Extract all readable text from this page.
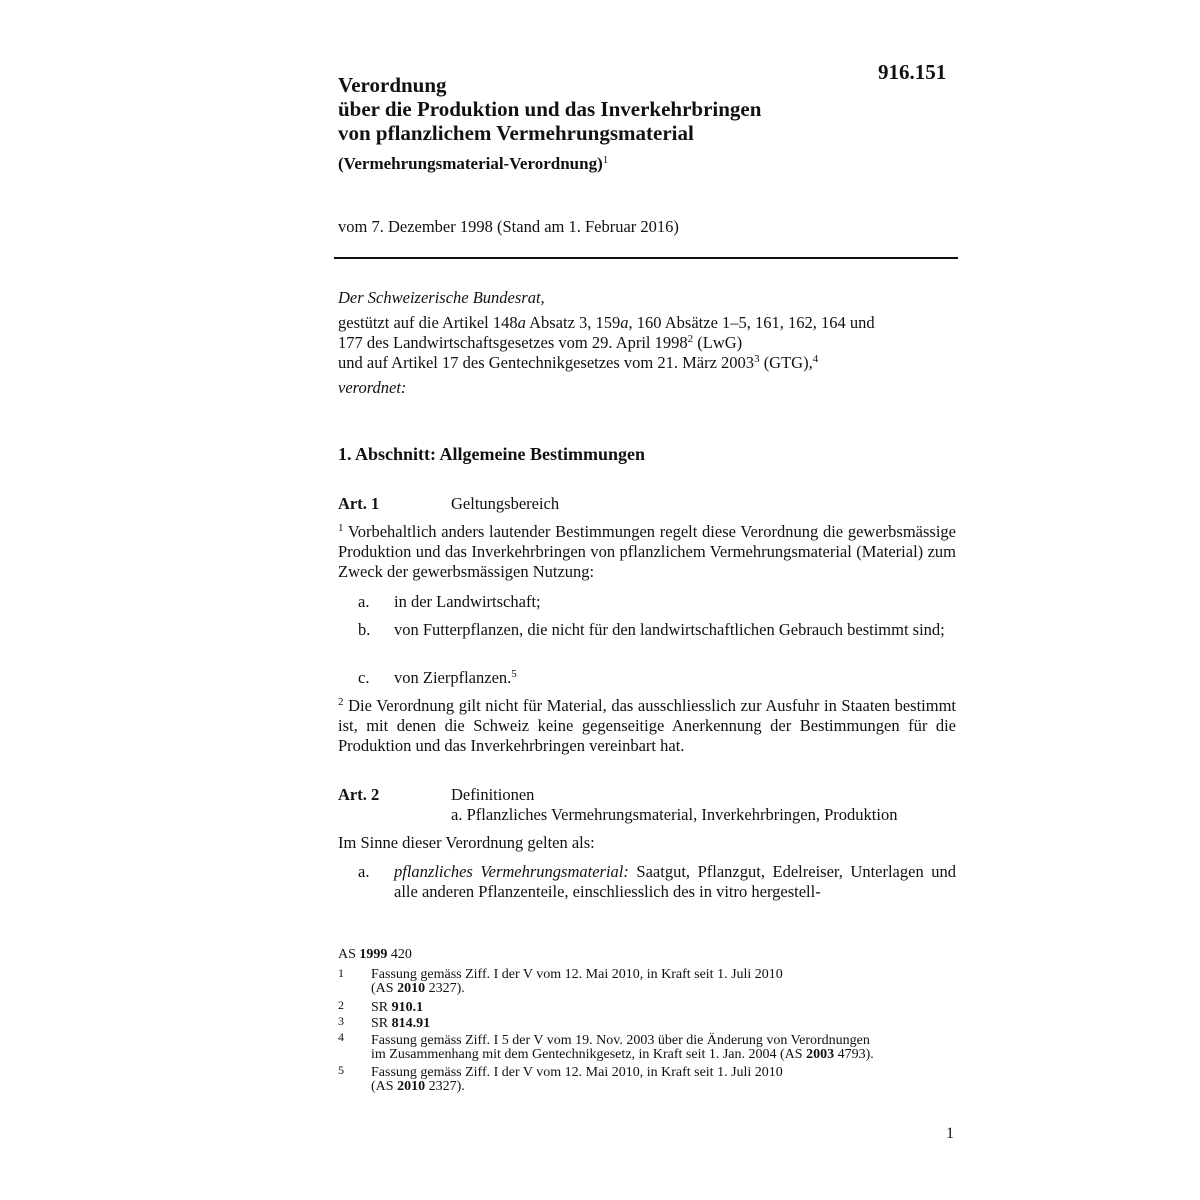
916.151
Verordnung
über die Produktion und das Inverkehrbringen
von pflanzlichem Vermehrungsmaterial
(Vermehrungsmaterial-Verordnung)$^1$
vom 7. Dezember 1998 (Stand am 1. Februar 2016)
Der Schweizerische Bundesrat,
gestützt auf die Artikel 148a Absatz 3, 159a, 160 Absätze 1–5, 161, 162, 164 und
177 des Landwirtschaftsgesetzes vom 29. April 1998$^2$ (LwG)
und auf Artikel 17 des Gentechnikgesetzes vom 21. März 2003$^3$ (GTG),$^4$
verordnet:
1. Abschnitt: Allgemeine Bestimmungen
Art. 1	Geltungsbereich
$^1$ Vorbehaltlich anders lautender Bestimmungen regelt diese Verordnung die gewerbsmässige Produktion und das Inverkehrbringen von pflanzlichem Vermehrungsmaterial (Material) zum Zweck der gewerbsmässigen Nutzung:
a. in der Landwirtschaft;
b. von Futterpflanzen, die nicht für den landwirtschaftlichen Gebrauch bestimmt sind;
c. von Zierpflanzen.$^5$
$^2$ Die Verordnung gilt nicht für Material, das ausschliesslich zur Ausfuhr in Staaten bestimmt ist, mit denen die Schweiz keine gegenseitige Anerkennung der Bestimmungen für die Produktion und das Inverkehrbringen vereinbart hat.
Art. 2	Definitionen
a. Pflanzliches Vermehrungsmaterial, Inverkehrbringen, Produktion
Im Sinne dieser Verordnung gelten als:
a. pflanzliches Vermehrungsmaterial: Saatgut, Pflanzgut, Edelreiser, Unterlagen und alle anderen Pflanzenteile, einschliesslich des in vitro hergestell-
AS 1999 420
1 Fassung gemäss Ziff. I der V vom 12. Mai 2010, in Kraft seit 1. Juli 2010
(AS 2010 2327).
2 SR 910.1
3 SR 814.91
4 Fassung gemäss Ziff. I 5 der V vom 19. Nov. 2003 über die Änderung von Verordnungen
im Zusammenhang mit dem Gentechnikgesetz, in Kraft seit 1. Jan. 2004 (AS 2003 4793).
5 Fassung gemäss Ziff. I der V vom 12. Mai 2010, in Kraft seit 1. Juli 2010
(AS 2010 2327).
1
